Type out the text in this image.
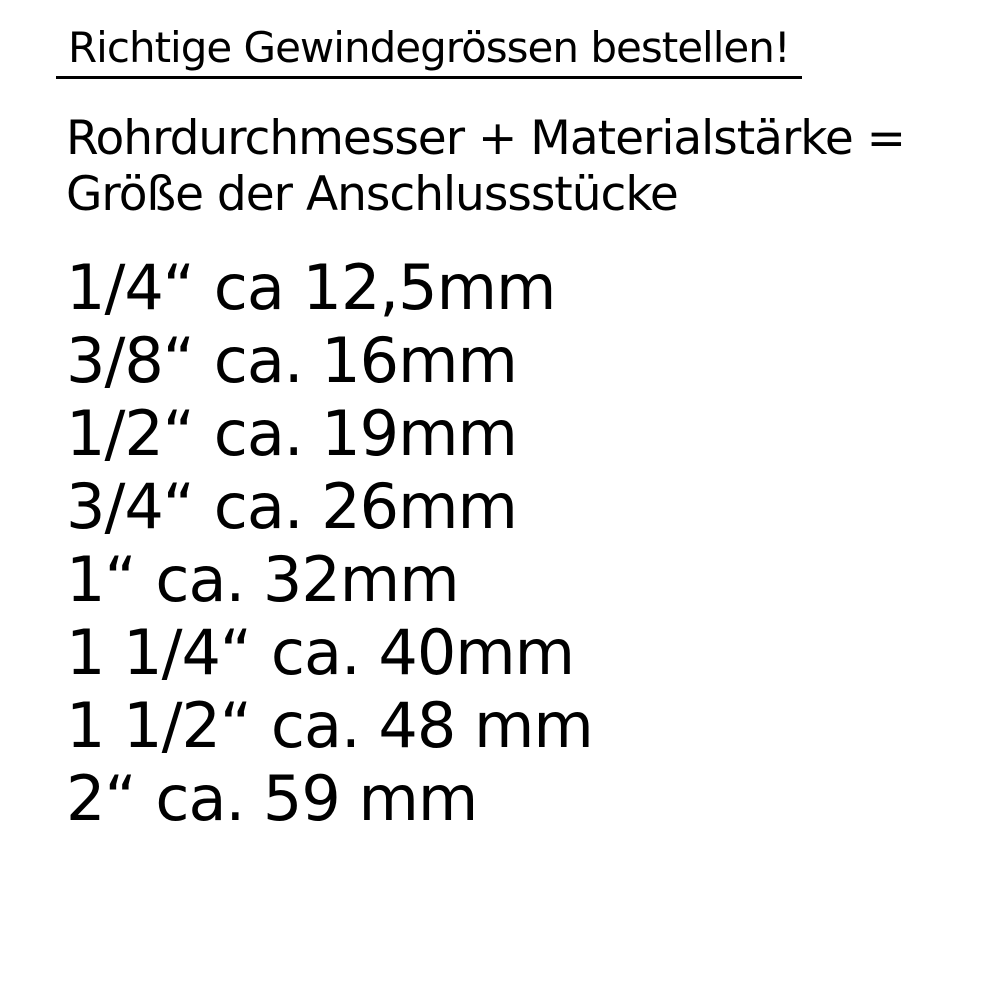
Richtige Gewindegrössen bestellen!

Rohrdurchmesser + Materialstärke =
Größe der Anschlussstücke

1/4“ ca 12,5mm
3/8“ ca. 16mm
1/2“ ca. 19mm
3/4“ ca. 26mm
1“ ca. 32mm
1 1/4“ ca. 40mm
1 1/2“ ca. 48 mm
2“ ca. 59 mm
